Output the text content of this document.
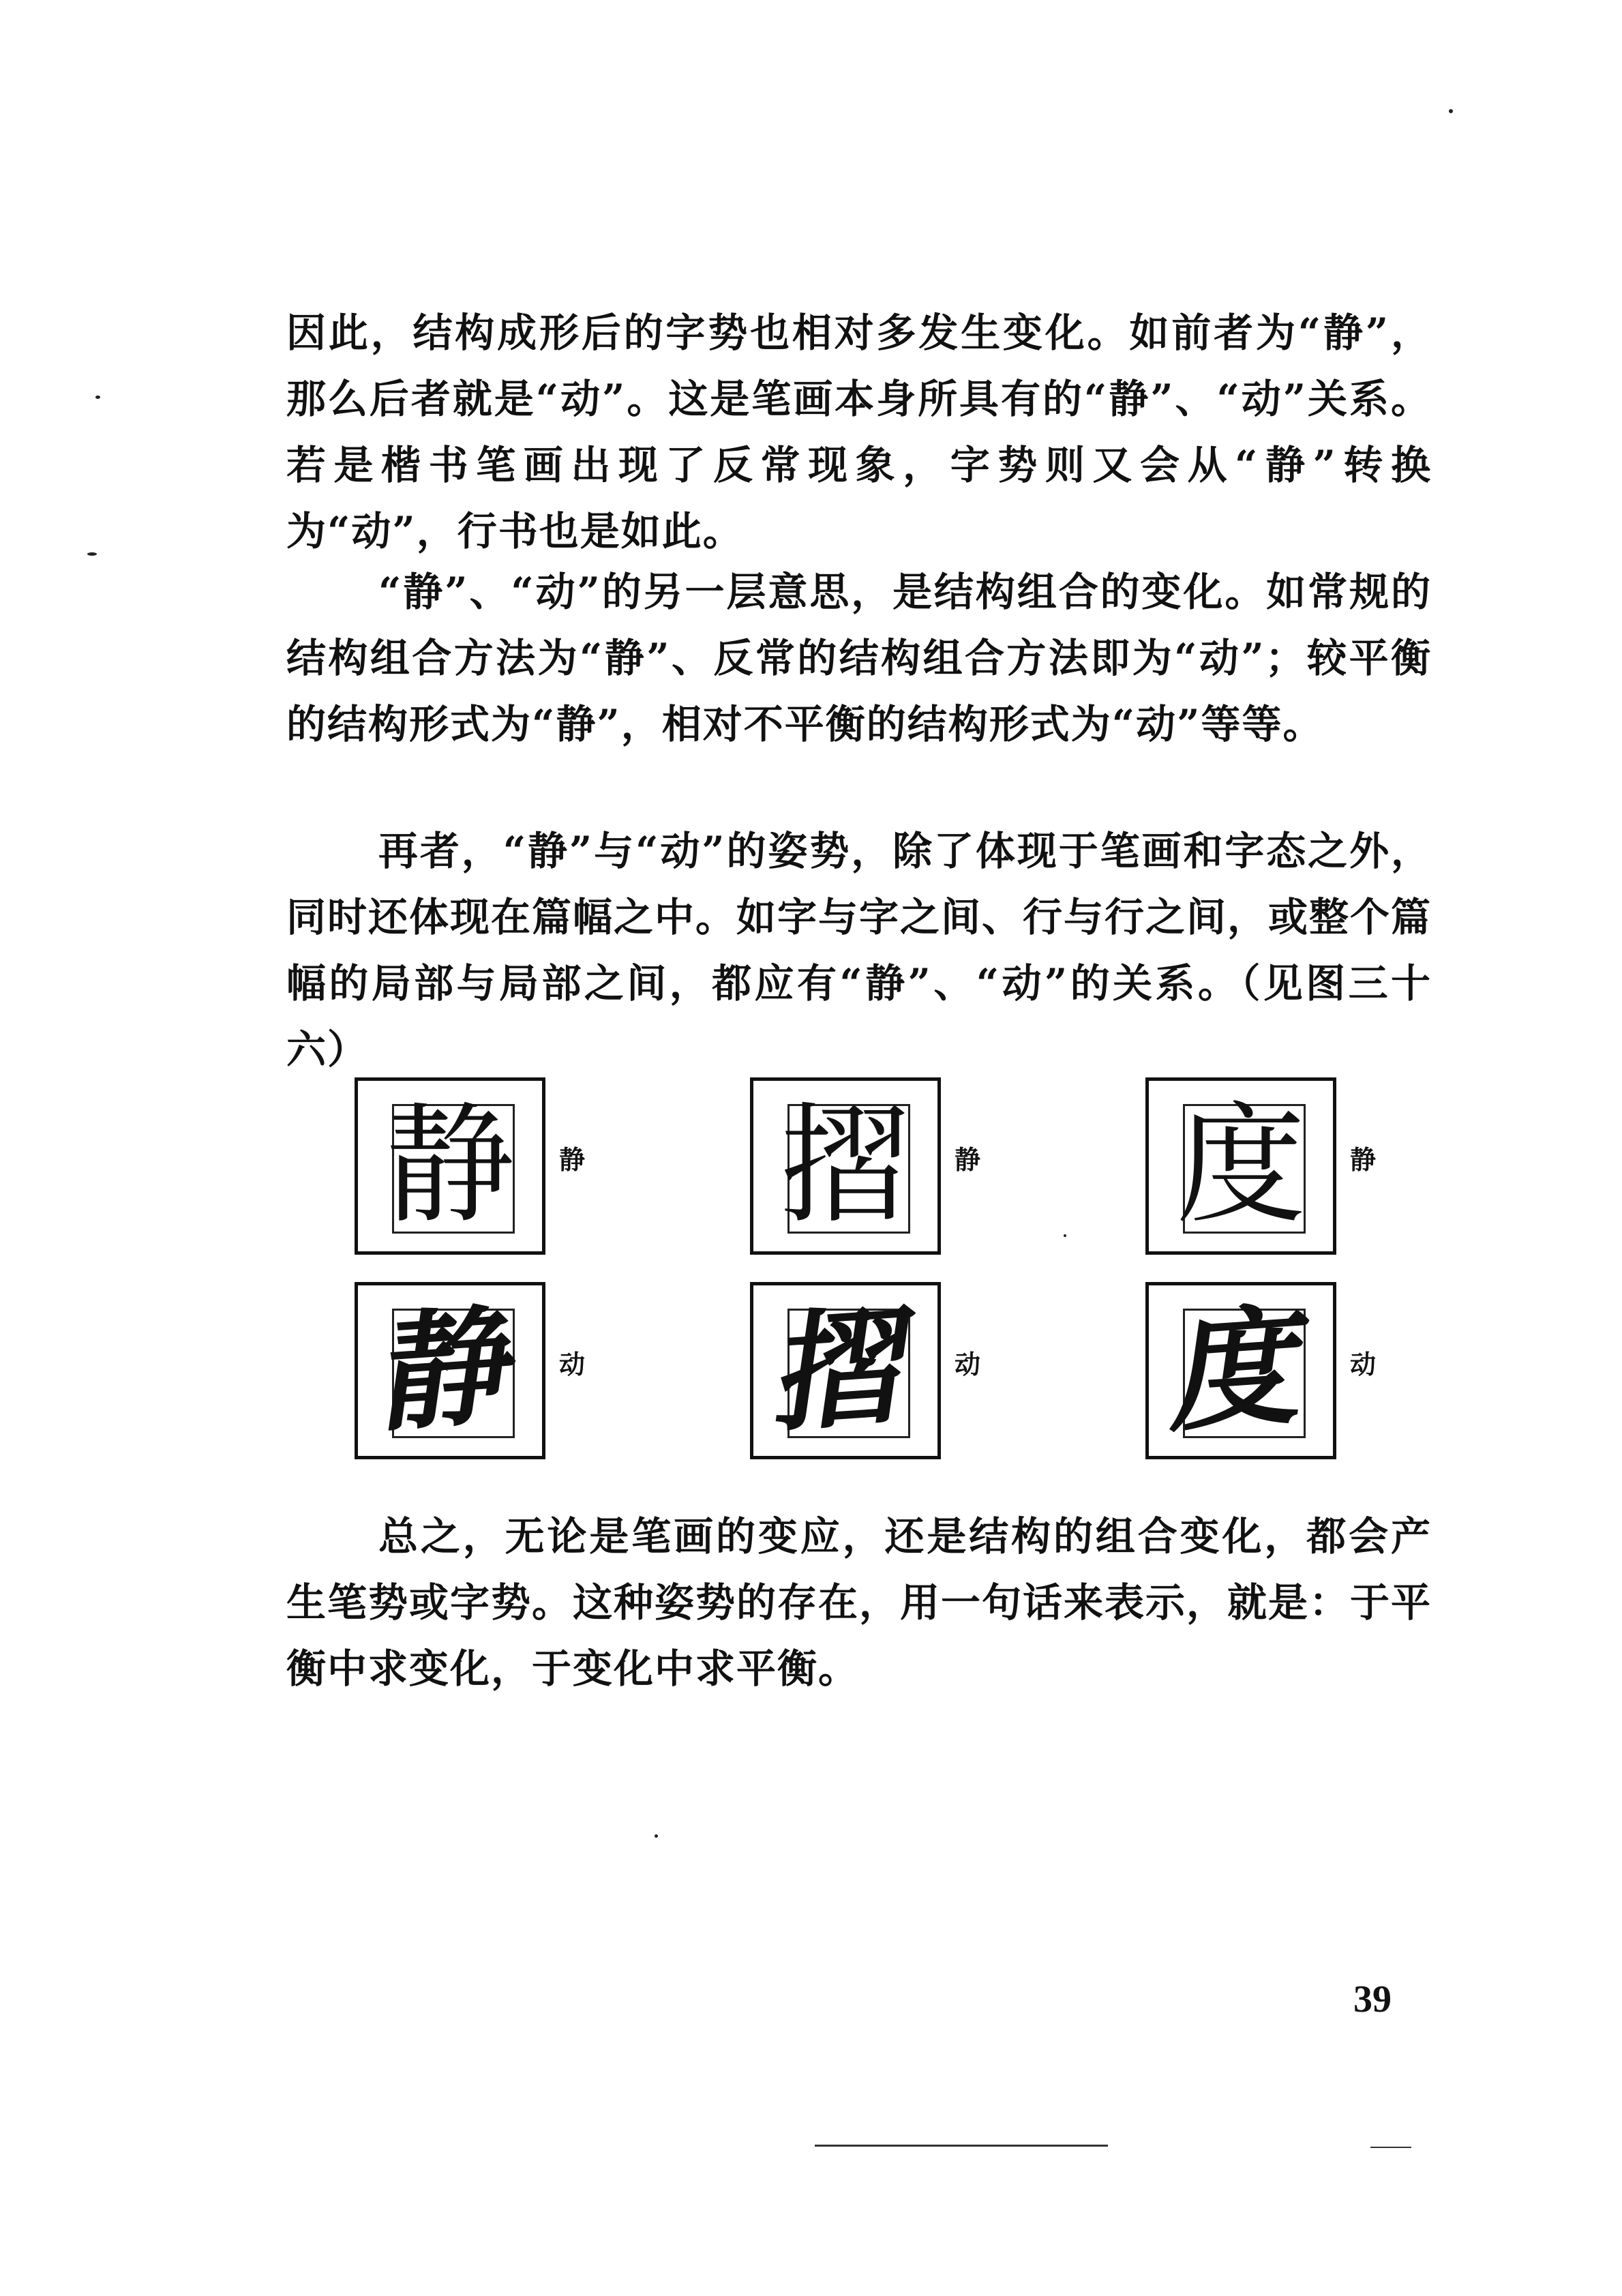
因此，结构成形后的字势也相对多发生变化。如前者为“静”，那么后者就是“动”。这是笔画本身所具有的“静”、“动”关系。若是楷书笔画出现了反常现象，字势则又会从“静”转换为“动”，行书也是如此。

“静”、“动”的另一层意思，是结构组合的变化。如常规的结构组合方法为“静”、反常的结构组合方法即为“动”；较平衡的结构形式为“静”，相对不平衡的结构形式为“动”等等。

再者，“静”与“动”的姿势，除了体现于笔画和字态之外，同时还体现在篇幅之中。如字与字之间、行与行之间，或整个篇幅的局部与局部之间，都应有“静”、“动”的关系。（见图三十六）

静	静
静	动
摺	静
摺	动
度	静
度	动

总之，无论是笔画的变应，还是结构的组合变化，都会产生笔势或字势。这种姿势的存在，用一句话来表示，就是：于平衡中求变化，于变化中求平衡。

39
